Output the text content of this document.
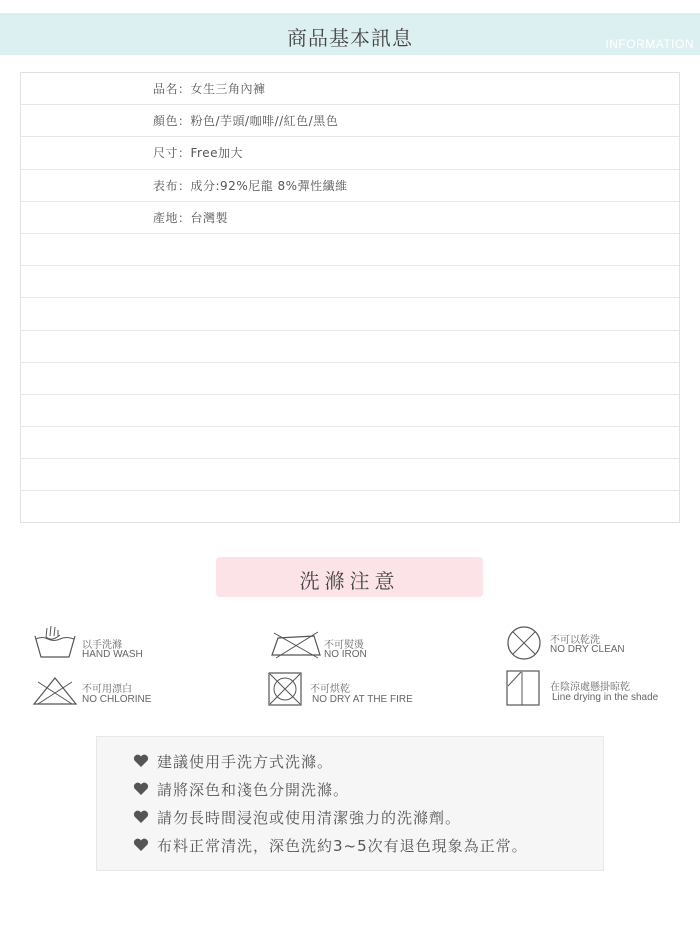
商品基本訊息	INFORMATION
品名：女生三角內褲
顏色：粉色/芋頭/咖啡//紅色/黑色
尺寸：Free加大
表布：成分:92%尼龍 8%彈性纖維
產地：台灣製
洗滌注意
以手洗滌
HAND WASH
不可熨燙
NO IRON
不可以乾洗
NO DRY CLEAN
不可用漂白
NO CHLORINE
不可烘乾
NO DRY AT THE FIRE
在陰涼處懸掛晾乾
Line drying in the shade
建議使用手洗方式洗滌。
請將深色和淺色分開洗滌。
請勿長時間浸泡或使用清潔強力的洗滌劑。
布料正常清洗，深色洗約3~5次有退色現象為正常。
